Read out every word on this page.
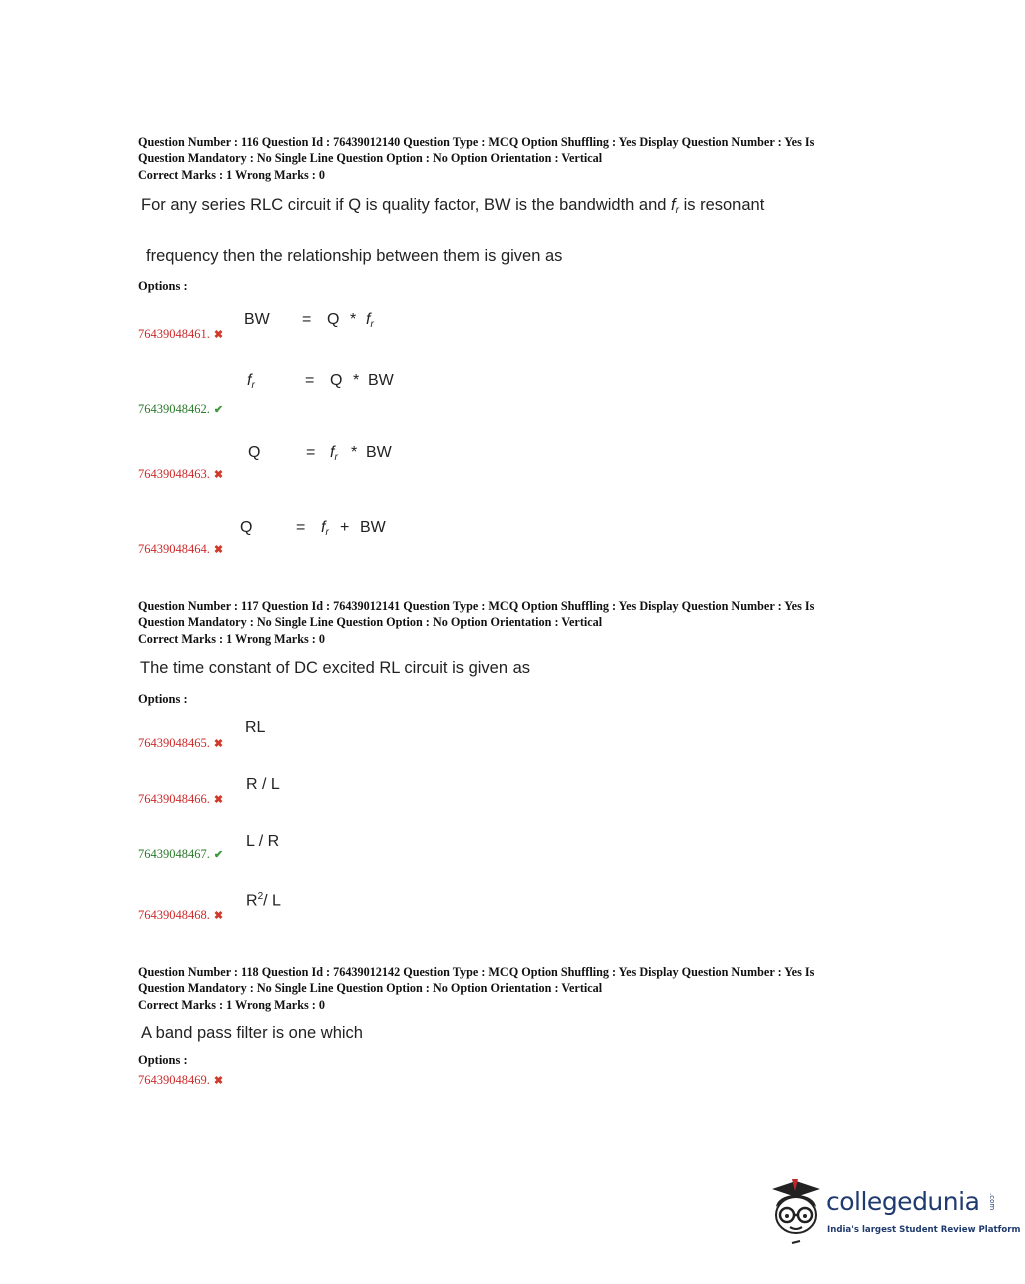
Question Number : 116 Question Id : 76439012140 Question Type : MCQ Option Shuffling : Yes Display Question Number : Yes Is
Question Mandatory : No Single Line Question Option : No Option Orientation : Vertical
Correct Marks : 1 Wrong Marks : 0
For any series RLC circuit if Q is quality factor, BW is the bandwidth and fr is resonant
frequency then the relationship between them is given as
Options :
BW = Q * $f_r$
76439048461. ✖
$f_r$	= Q * BW
76439048462. ✔
Q	= $f_r$ * BW
76439048463. ✖
Q	= $f_r$ + BW
76439048464. ✖
Question Number : 117 Question Id : 76439012141 Question Type : MCQ Option Shuffling : Yes Display Question Number : Yes Is
Question Mandatory : No Single Line Question Option : No Option Orientation : Vertical
Correct Marks : 1 Wrong Marks : 0
The time constant of DC excited RL circuit is given as
Options :
RL
76439048465. ✖
R / L
76439048466. ✖
L / R
76439048467. ✔
$R^2/$ L
76439048468. ✖
Question Number : 118 Question Id : 76439012142 Question Type : MCQ Option Shuffling : Yes Display Question Number : Yes Is
Question Mandatory : No Single Line Question Option : No Option Orientation : Vertical
Correct Marks : 1 Wrong Marks : 0
A band pass filter is one which
Options :
76439048469. ✖
collegedunia .com
India's largest Student Review Platform
